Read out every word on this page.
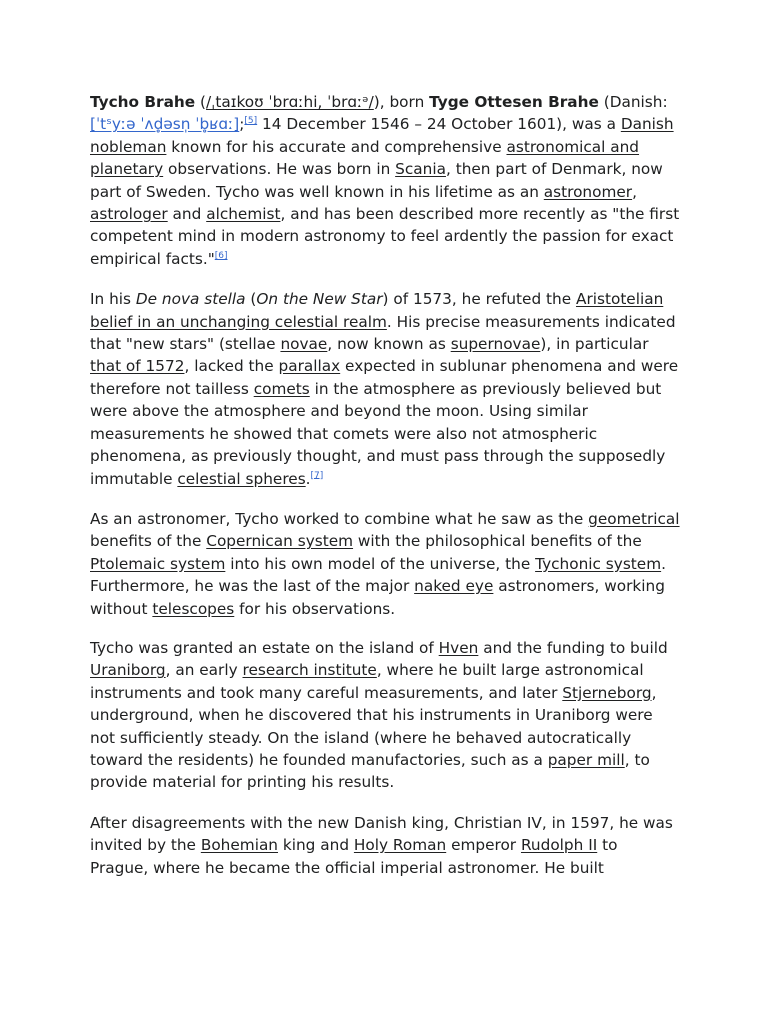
Tycho Brahe (/ˌtaɪkoʊ ˈbrɑːhi, ˈbrɑːᵊ/), born Tyge Ottesen Brahe (Danish: [ˈtˢyːə ˈʌd̥əsn̩ ˈb̥ʁɑː];[5] 14 December 1546 – 24 October 1601), was a Danish nobleman known for his accurate and comprehensive astronomical and planetary observations. He was born in Scania, then part of Denmark, now part of Sweden. Tycho was well known in his lifetime as an astronomer, astrologer and alchemist, and has been described more recently as "the first competent mind in modern astronomy to feel ardently the passion for exact empirical facts."[6]

In his De nova stella (On the New Star) of 1573, he refuted the Aristotelian belief in an unchanging celestial realm. His precise measurements indicated that "new stars" (stellae novae, now known as supernovae), in particular that of 1572, lacked the parallax expected in sublunar phenomena and were therefore not tailless comets in the atmosphere as previously believed but were above the atmosphere and beyond the moon. Using similar measurements he showed that comets were also not atmospheric phenomena, as previously thought, and must pass through the supposedly immutable celestial spheres.[7]

As an astronomer, Tycho worked to combine what he saw as the geometrical benefits of the Copernican system with the philosophical benefits of the Ptolemaic system into his own model of the universe, the Tychonic system. Furthermore, he was the last of the major naked eye astronomers, working without telescopes for his observations.

Tycho was granted an estate on the island of Hven and the funding to build Uraniborg, an early research institute, where he built large astronomical instruments and took many careful measurements, and later Stjerneborg, underground, when he discovered that his instruments in Uraniborg were not sufficiently steady. On the island (where he behaved autocratically toward the residents) he founded manufactories, such as a paper mill, to provide material for printing his results.

After disagreements with the new Danish king, Christian IV, in 1597, he was invited by the Bohemian king and Holy Roman emperor Rudolph II to Prague, where he became the official imperial astronomer. He built
